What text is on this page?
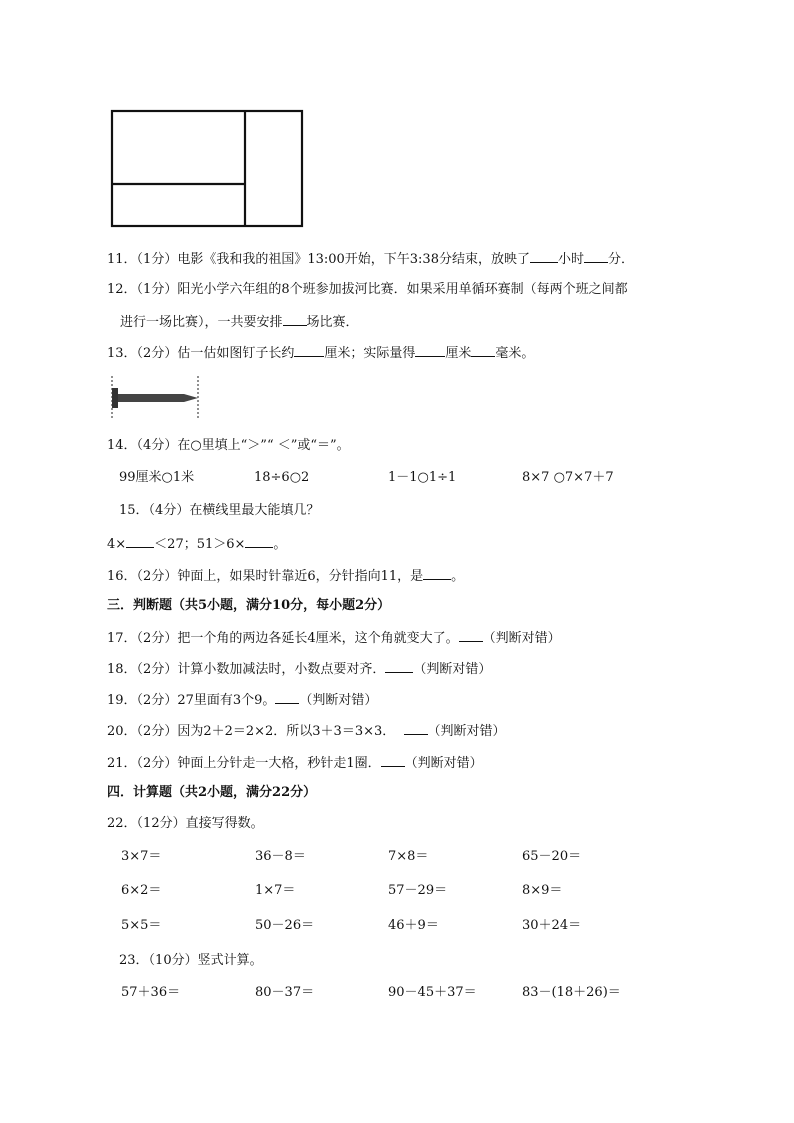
11．（1分）电影《我和我的祖国》13:00开始，下午3:38分结束，放映了 小时 分．
12．（1分）阳光小学六年组的8个班参加拔河比赛．如果采用单循环赛制（每两个班之间都
进行一场比赛），一共要安排 场比赛．
13．（2分）估一估如图钉子长约 厘米；实际量得 厘米 毫米。
14．（4分）在○里填上“＞”“ ＜”或“＝”。
99厘米○1米	18÷6○2	1－1○1÷1	8×7 ○7×7＋7
15．（4分）在横线里最大能填几？
4× ＜27；51＞6× 。
16．（2分）钟面上，如果时针靠近6，分针指向11，是 。
三．判断题（共5小题，满分10分，每小题2分）
17．（2分）把一个角的两边各延长4厘米，这个角就变大了。 （判断对错）
18．（2分）计算小数加减法时，小数点要对齐． （判断对错）
19．（2分）27里面有3个9。 （判断对错）
20．（2分）因为2＋2＝2×2．所以3＋3＝3×3． （判断对错）
21．（2分）钟面上分针走一大格，秒针走1圈． （判断对错）
四．计算题（共2小题，满分22分）
22．（12分）直接写得数。
3×7＝	36－8＝	7×8＝	65－20＝
6×2＝	1×7＝	57－29＝	8×9＝
5×5＝	50－26＝	46＋9＝	30＋24＝
23．（10分）竖式计算。
57＋36＝	80－37＝	90－45＋37＝	83－(18＋26)＝
